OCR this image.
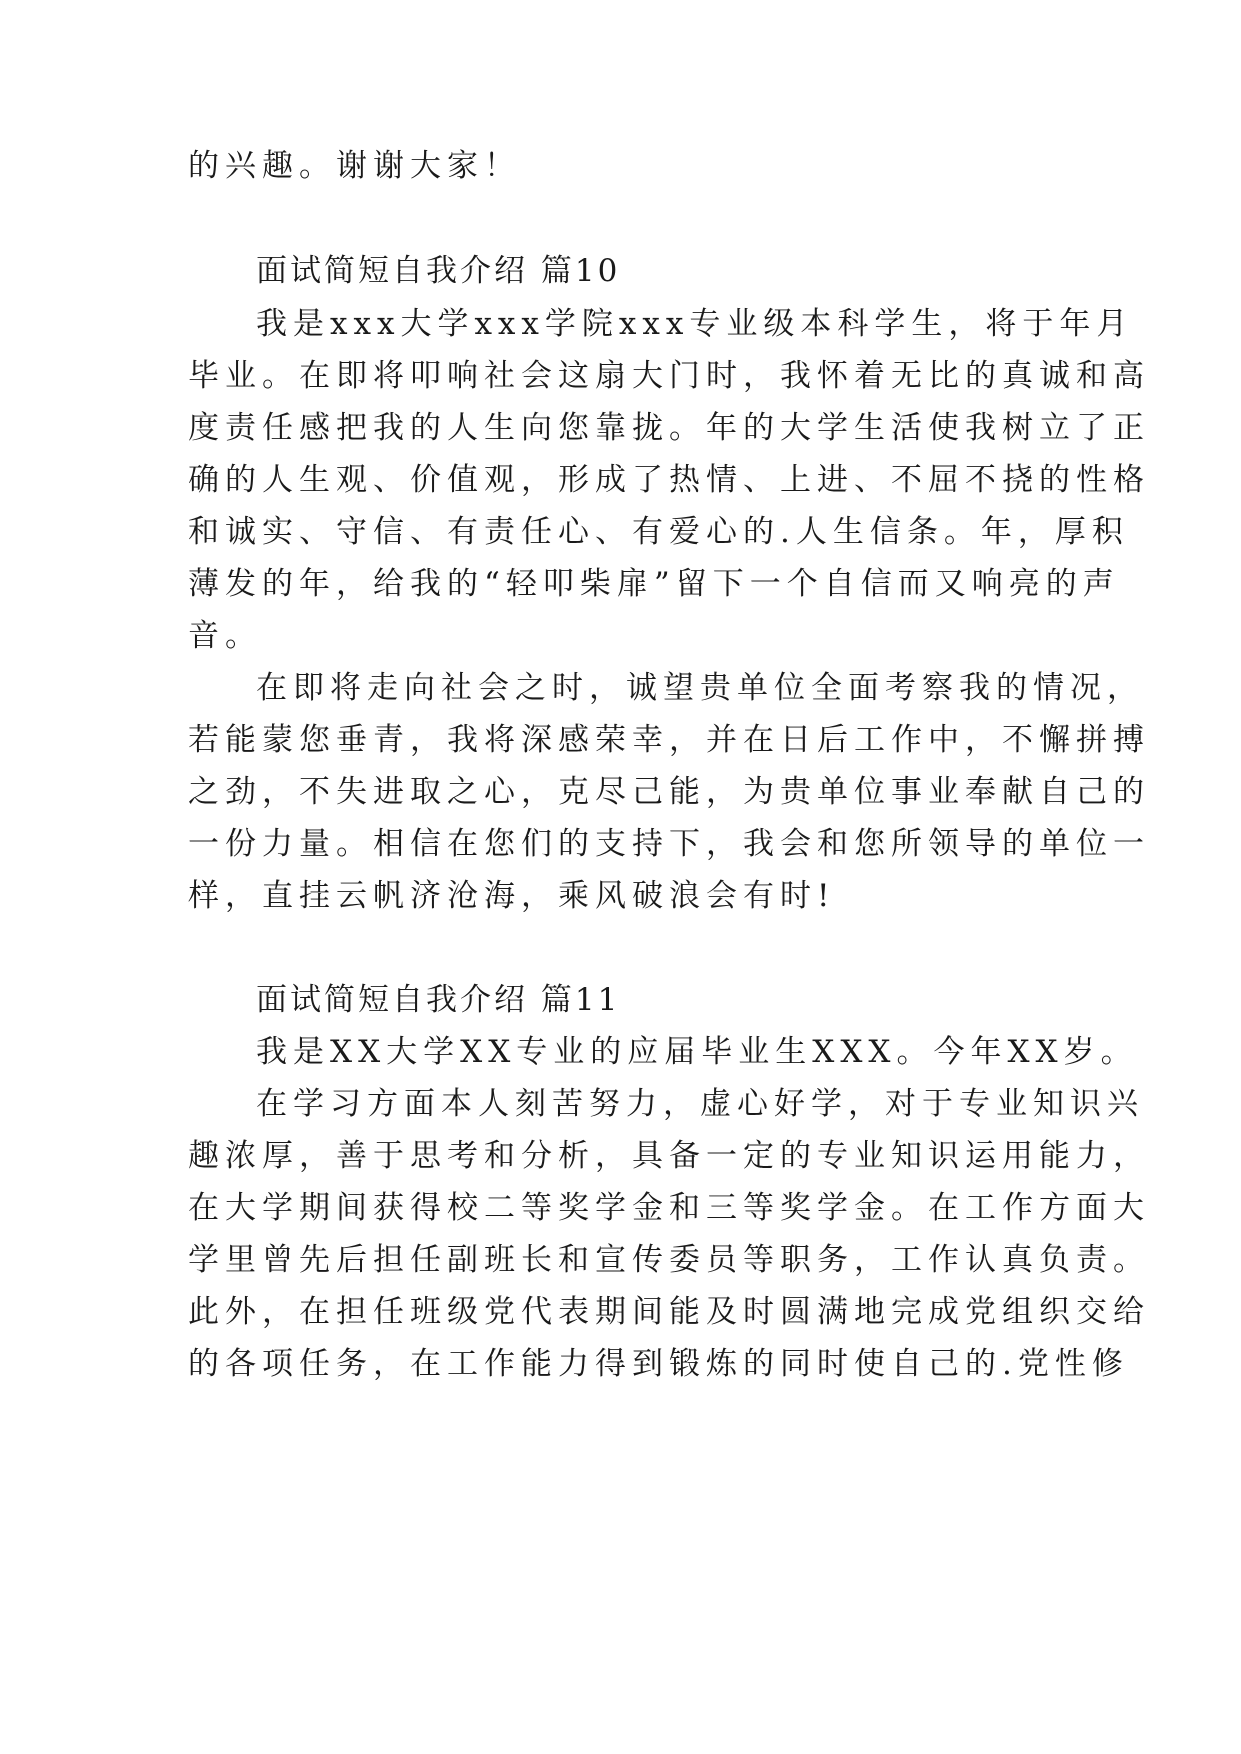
的兴趣。谢谢大家！
面试简短自我介绍 篇10
我是xxx大学xxx学院xxx专业级本科学生，将于年月
毕业。在即将叩响社会这扇大门时，我怀着无比的真诚和高
度责任感把我的人生向您靠拢。年的大学生活使我树立了正
确的人生观、价值观，形成了热情、上进、不屈不挠的性格
和诚实、守信、有责任心、有爱心的.人生信条。年，厚积
薄发的年，给我的“轻叩柴扉”留下一个自信而又响亮的声
音。
在即将走向社会之时，诚望贵单位全面考察我的情况，
若能蒙您垂青，我将深感荣幸，并在日后工作中，不懈拼搏
之劲，不失进取之心，克尽己能，为贵单位事业奉献自己的
一份力量。相信在您们的支持下，我会和您所领导的单位一
样，直挂云帆济沧海，乘风破浪会有时!
面试简短自我介绍 篇11
我是XX大学XX专业的应届毕业生XXX。今年XX岁。
在学习方面本人刻苦努力，虚心好学，对于专业知识兴
趣浓厚，善于思考和分析，具备一定的专业知识运用能力，
在大学期间获得校二等奖学金和三等奖学金。在工作方面大
学里曾先后担任副班长和宣传委员等职务，工作认真负责。
此外，在担任班级党代表期间能及时圆满地完成党组织交给
的各项任务，在工作能力得到锻炼的同时使自己的.党性修
